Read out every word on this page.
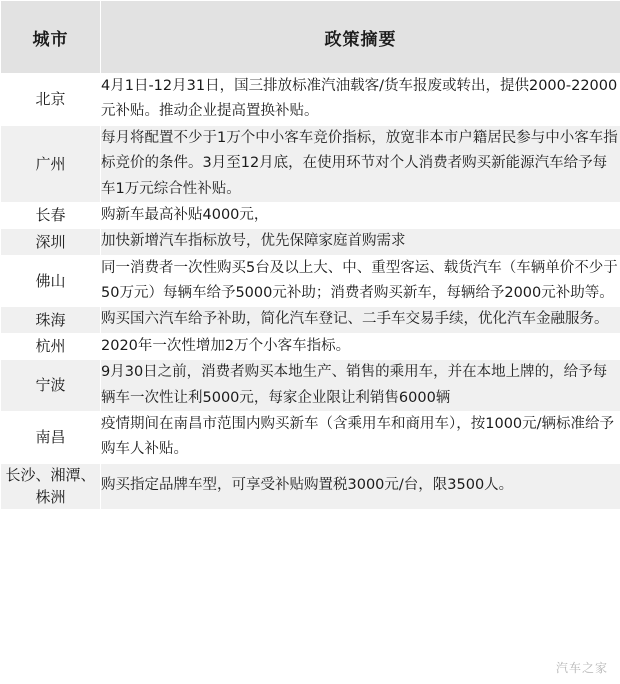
城市	政策摘要
北京	4月1日-12月31日，国三排放标准汽油载客/货车报废或转出，提供2000-22000元补贴。推动企业提高置换补贴。
广州	每月将配置不少于1万个中小客车竞价指标，放宽非本市户籍居民参与中小客车指标竞价的条件。3月至12月底，在使用环节对个人消费者购买新能源汽车给予每车1万元综合性补贴。
长春	购新车最高补贴4000元，
深圳	加快新增汽车指标放号，优先保障家庭首购需求
佛山	同一消费者一次性购买5台及以上大、中、重型客运、载货汽车（车辆单价不少于50万元）每辆车给予5000元补助；消费者购买新车，每辆给予2000元补助等。
珠海	购买国六汽车给予补助，简化汽车登记、二手车交易手续，优化汽车金融服务。
杭州	2020年一次性增加2万个小客车指标。
宁波	9月30日之前，消费者购买本地生产、销售的乘用车，并在本地上牌的，给予每辆车一次性让利5000元，每家企业限让利销售6000辆
南昌	疫情期间在南昌市范围内购买新车（含乘用车和商用车），按1000元/辆标准给予购车人补贴。
长沙、湘潭、株洲	购买指定品牌车型，可享受补贴购置税3000元/台，限3500人。
汽车之家
